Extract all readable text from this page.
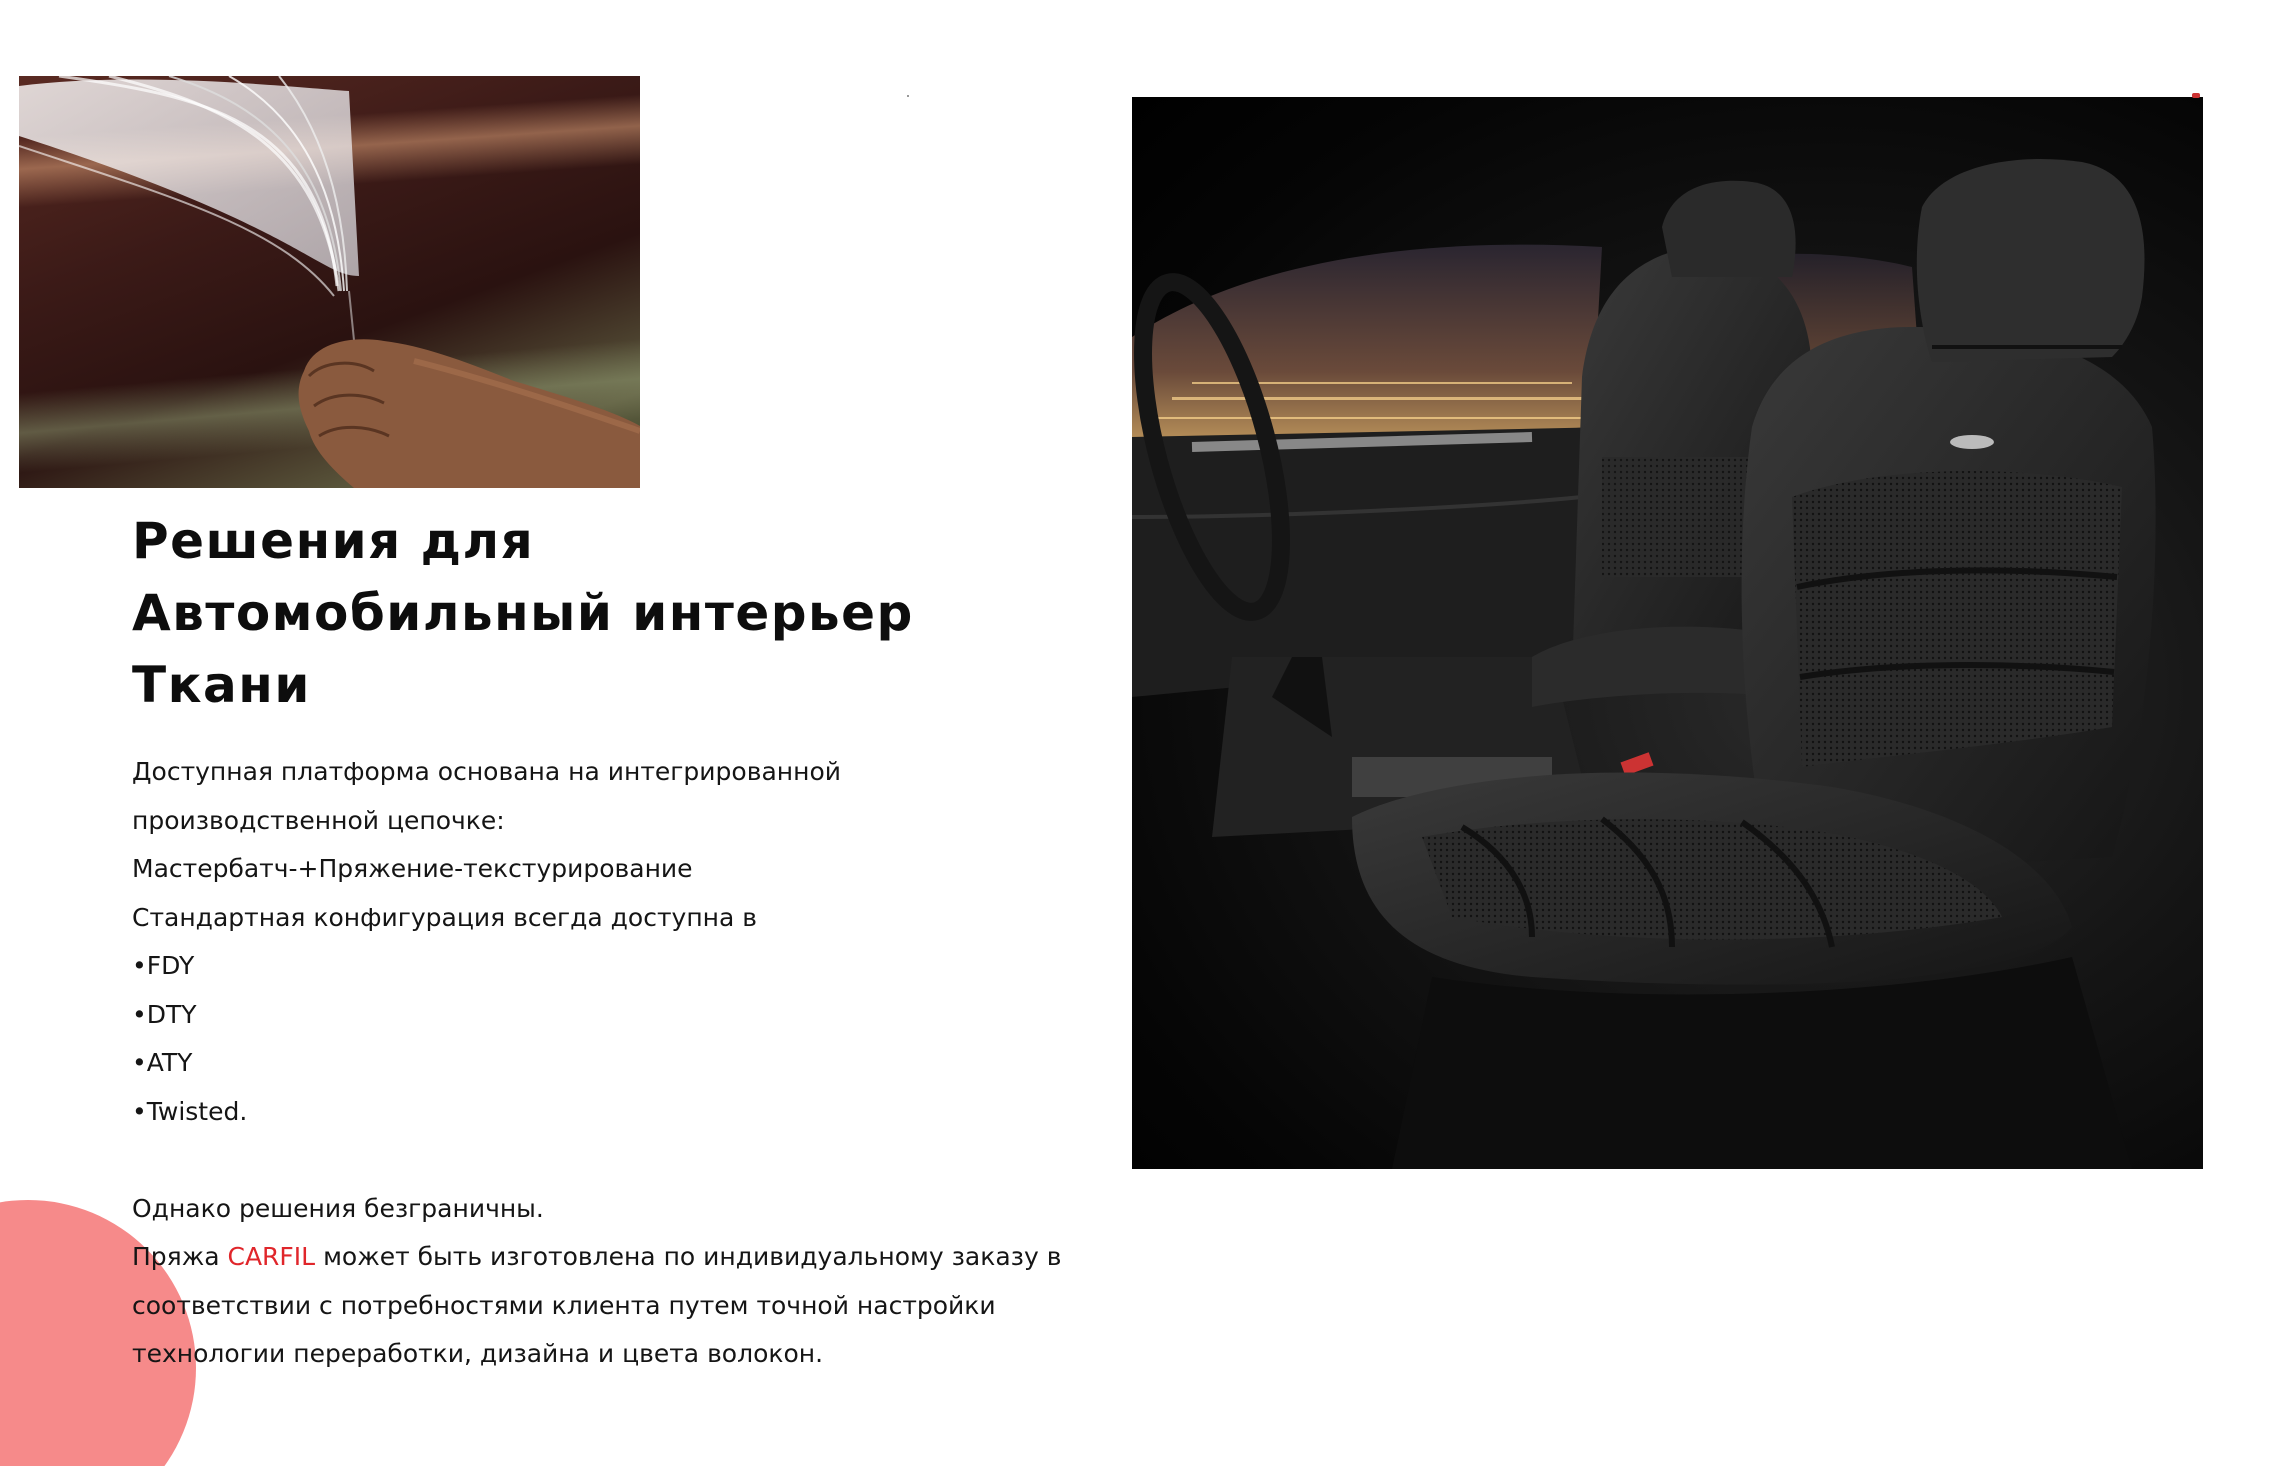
Решения для
Автомобильный интерьер
Ткани

Доступная платформа основана на интегрированной

производственной цепочке:

Мастербатч-+Пряжение-текстурирование

Стандартная конфигурация всегда доступна в

•FDY

•DTY

•ATY

•Twisted.

Однако решения безграничны.

Пряжа CARFIL может быть изготовлена по индивидуальному заказу в

соответствии с потребностями клиента путем точной настройки

технологии переработки, дизайна и цвета волокон.
